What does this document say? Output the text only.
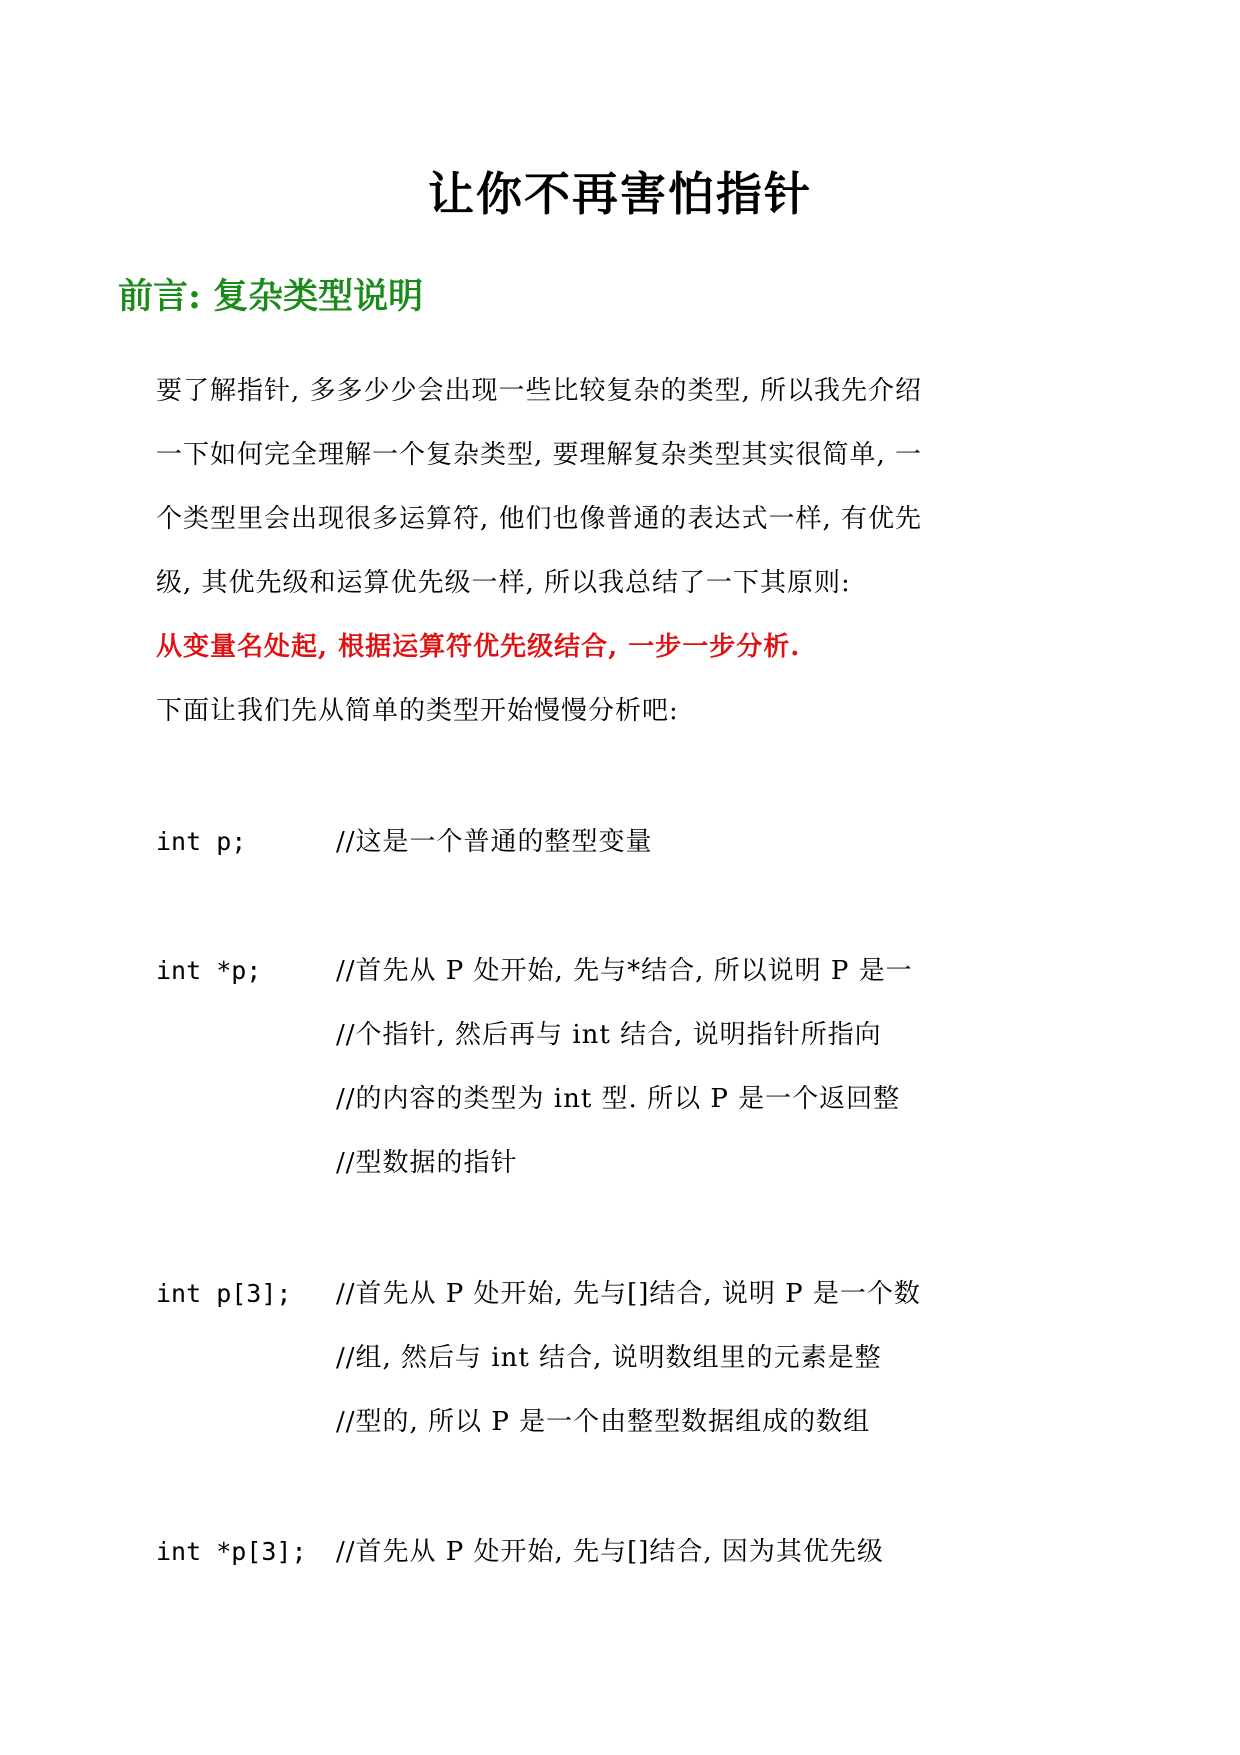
让你不再害怕指针
前言: 复杂类型说明
要了解指针, 多多少少会出现一些比较复杂的类型, 所以我先介绍
一下如何完全理解一个复杂类型, 要理解复杂类型其实很简单, 一
个类型里会出现很多运算符, 他们也像普通的表达式一样, 有优先
级, 其优先级和运算优先级一样, 所以我总结了一下其原则:
从变量名处起, 根据运算符优先级结合, 一步一步分析.
下面让我们先从简单的类型开始慢慢分析吧:
int p;	//这是一个普通的整型变量
int *p;	//首先从 P 处开始, 先与*结合, 所以说明 P 是一
//个指针, 然后再与 int 结合, 说明指针所指向
//的内容的类型为 int 型. 所以 P 是一个返回整
//型数据的指针
int p[3]; //首先从 P 处开始, 先与[]结合, 说明 P 是一个数
//组, 然后与 int 结合, 说明数组里的元素是整
//型的, 所以 P 是一个由整型数据组成的数组
int *p[3]; //首先从 P 处开始, 先与[]结合, 因为其优先级
